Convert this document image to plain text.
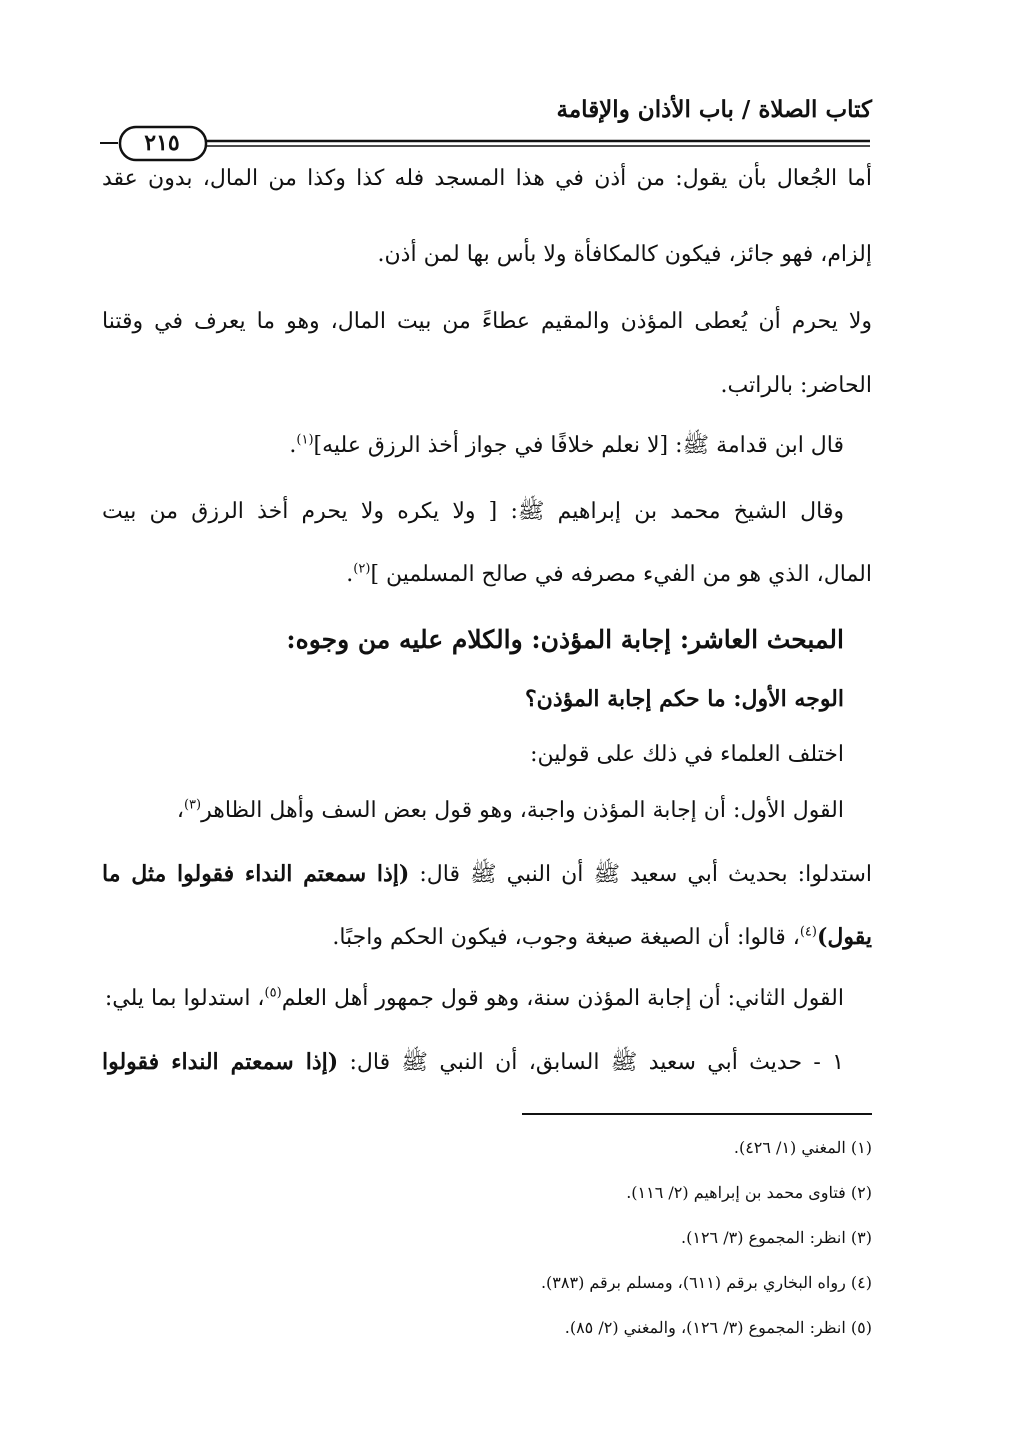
كتاب الصلاة / باب الأذان والإقامة
٢١٥
أما الجُعال بأن يقول: من أذن في هذا المسجد فله كذا وكذا من المال، بدون عقد
إلزام، فهو جائز، فيكون كالمكافأة ولا بأس بها لمن أذن.
ولا يحرم أن يُعطى المؤذن والمقيم عطاءً من بيت المال، وهو ما يعرف في وقتنا
الحاضر: بالراتب.
قال ابن قدامة ﷺ: [لا نعلم خلافًا في جواز أخذ الرزق عليه]$^{(١)}$.
وقال الشيخ محمد بن إبراهيم ﷺ: [ ولا يكره ولا يحرم أخذ الرزق من بيت
المال، الذي هو من الفيء مصرفه في صالح المسلمين ]$^{(٢)}$.
المبحث العاشر: إجابة المؤذن: والكلام عليه من وجوه:
الوجه الأول: ما حكم إجابة المؤذن؟
اختلف العلماء في ذلك على قولين:
القول الأول: أن إجابة المؤذن واجبة، وهو قول بعض السف وأهل الظاهر$^{(٣)}$،
استدلوا: بحديث أبي سعيد ﷺ أن النبي ﷺ قال: (إذا سمعتم النداء فقولوا مثل ما
يقول)$^{(٤)}$، قالوا: أن الصيغة صيغة وجوب، فيكون الحكم واجبًا.
القول الثاني: أن إجابة المؤذن سنة، وهو قول جمهور أهل العلم$^{(٥)}$، استدلوا بما يلي:
١ - حديث أبي سعيد ﷺ السابق، أن النبي ﷺ قال: (إذا سمعتم النداء فقولوا
(١) المغني (١/ ٤٢٦).
(٢) فتاوى محمد بن إبراهيم (٢/ ١١٦).
(٣) انظر: المجموع (٣/ ١٢٦).
(٤) رواه البخاري برقم (٦١١)، ومسلم برقم (٣٨٣).
(٥) انظر: المجموع (٣/ ١٢٦)، والمغني (٢/ ٨٥).
